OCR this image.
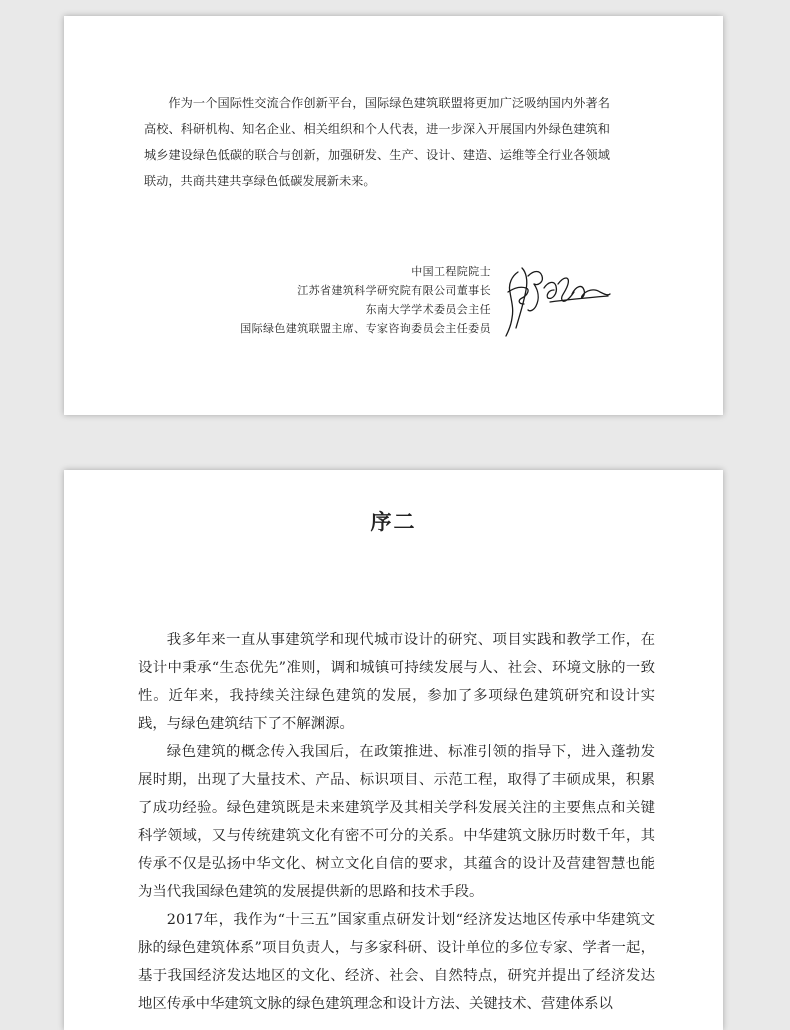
作为一个国际性交流合作创新平台，国际绿色建筑联盟将更加广泛吸纳国内外著名高校、科研机构、知名企业、相关组织和个人代表，进一步深入开展国内外绿色建筑和城乡建设绿色低碳的联合与创新，加强研发、生产、设计、建造、运维等全行业各领域联动，共商共建共享绿色低碳发展新未来。

中国工程院院士
江苏省建筑科学研究院有限公司董事长
东南大学学术委员会主任
国际绿色建筑联盟主席、专家咨询委员会主任委员
序二

我多年来一直从事建筑学和现代城市设计的研究、项目实践和教学工作，在设计中秉承“生态优先”准则，调和城镇可持续发展与人、社会、环境文脉的一致性。近年来，我持续关注绿色建筑的发展，参加了多项绿色建筑研究和设计实践，与绿色建筑结下了不解渊源。

绿色建筑的概念传入我国后，在政策推进、标准引领的指导下，进入蓬勃发展时期，出现了大量技术、产品、标识项目、示范工程，取得了丰硕成果，积累了成功经验。绿色建筑既是未来建筑学及其相关学科发展关注的主要焦点和关键科学领域，又与传统建筑文化有密不可分的关系。中华建筑文脉历时数千年，其传承不仅是弘扬中华文化、树立文化自信的要求，其蕴含的设计及营建智慧也能为当代我国绿色建筑的发展提供新的思路和技术手段。

2017年，我作为“十三五”国家重点研发计划“经济发达地区传承中华建筑文脉的绿色建筑体系”项目负责人，与多家科研、设计单位的多位专家、学者一起，基于我国经济发达地区的文化、经济、社会、自然特点，研究并提出了经济发达地区传承中华建筑文脉的绿色建筑理念和设计方法、关键技术、营建体系以
